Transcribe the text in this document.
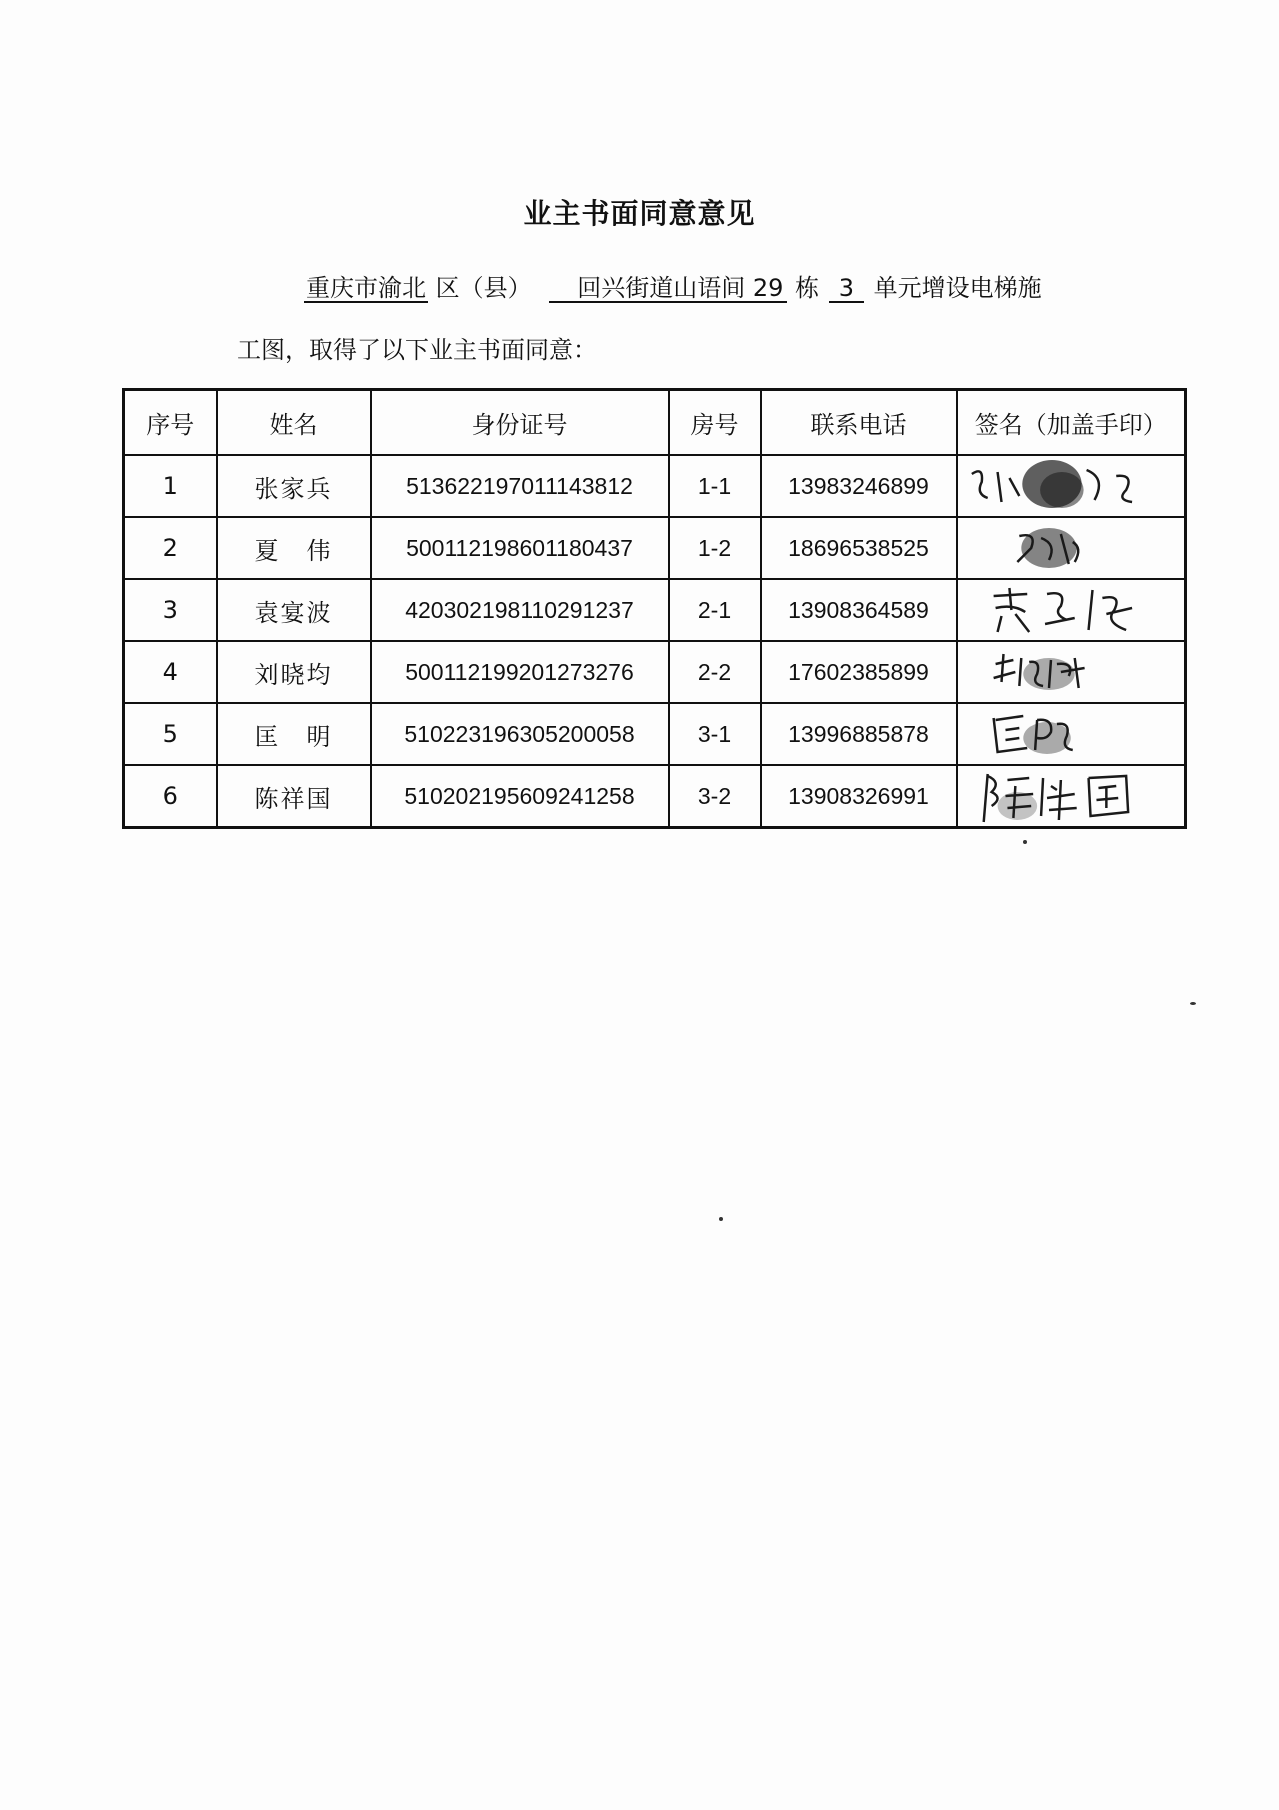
业主书面同意意见
重庆市渝北 区（县） 回兴街道山语间 29 栋 3 单元增设电梯施
工图，取得了以下业主书面同意：
序号	姓名	身份证号	房号	联系电话	签名（加盖手印）
1	张家兵	513622197011143812	1-1	13983246899	

2	夏　伟	500112198601180437	1-2	18696538525	

3	袁宴波	420302198110291237	2-1	13908364589	

4	刘晓均	500112199201273276	2-2	17602385899	

5	匡　明	510223196305200058	3-1	13996885878	

6	陈祥国	510202195609241258	3-2	13908326991	
